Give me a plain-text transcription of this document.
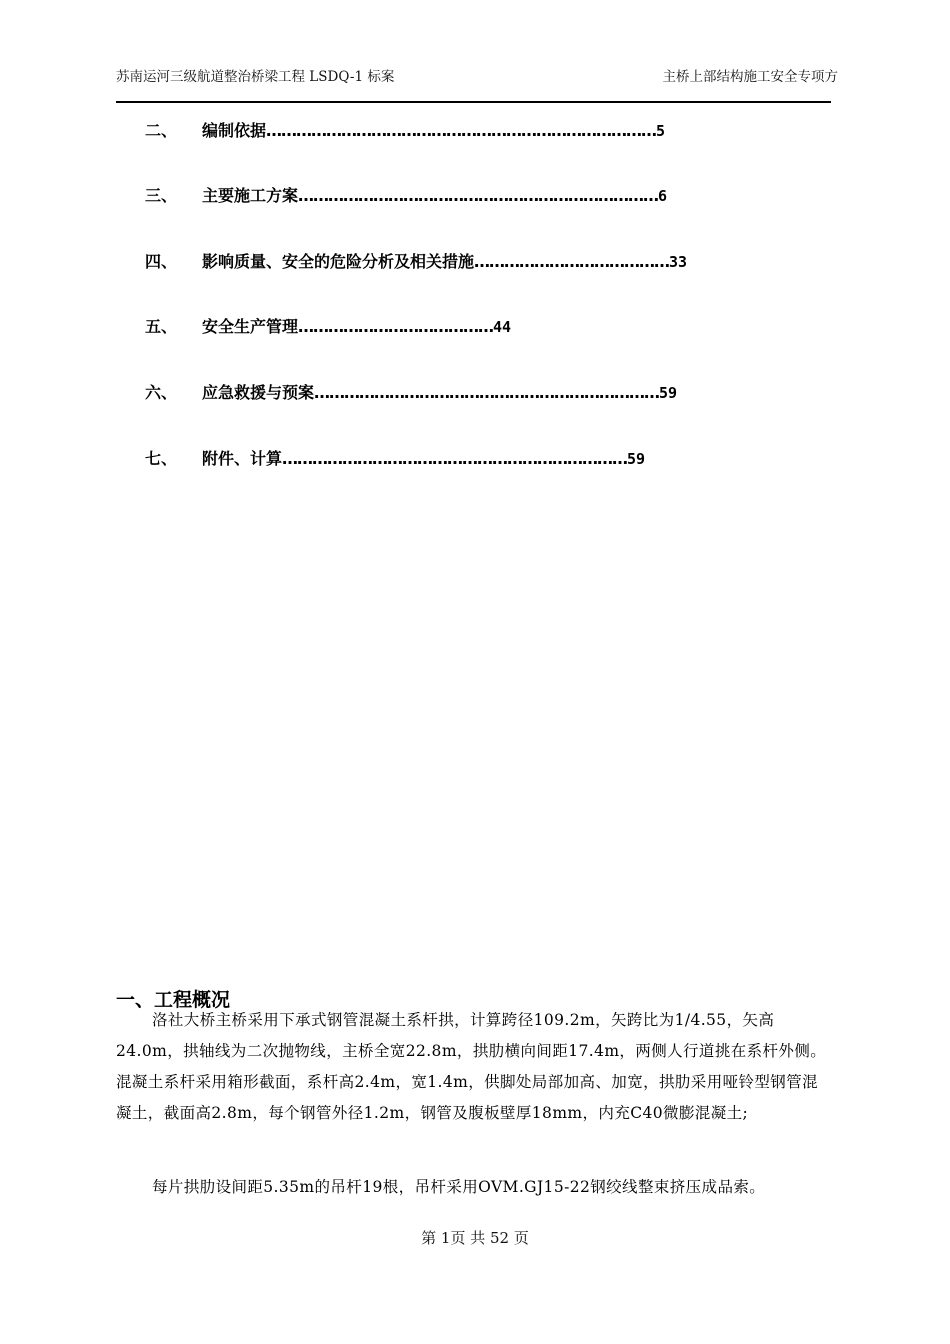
苏南运河三级航道整治桥梁工程 LSDQ-1 标案	主桥上部结构施工安全专项方
二、 编制依据……………………………………………………………………5
三、 主要施工方案………………………………………………………………6
四、 影响质量、安全的危险分析及相关措施…………………………………33
五、 安全生产管理…………………………………44
六、 应急救援与预案……………………………………………………………59
七、 附件、计算……………………………………………………………59
一、工程概况
洛社大桥主桥采用下承式钢管混凝土系杆拱，计算跨径109.2m，矢跨比为1/4.55，矢高24.0m，拱轴线为二次抛物线，主桥全宽22.8m，拱肋横向间距17.4m，两侧人行道挑在系杆外侧。混凝土系杆采用箱形截面，系杆高2.4m，宽1.4m，供脚处局部加高、加宽，拱肋采用哑铃型钢管混凝土，截面高2.8m，每个钢管外径1.2m，钢管及腹板壁厚18mm，内充C40微膨混凝土;
每片拱肋设间距5.35m的吊杆19根，吊杆采用OVM.GJ15-22钢绞线整束挤压成品索。
第 1页 共 52 页
